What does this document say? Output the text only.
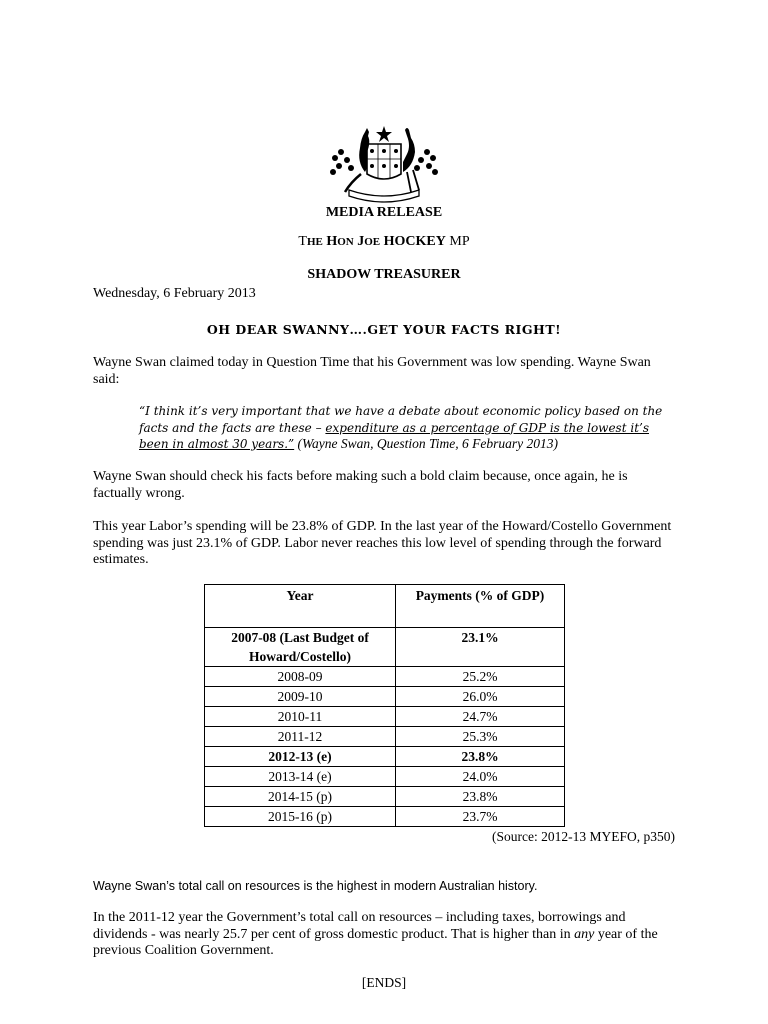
MEDIA RELEASE
THE HON JOE HOCKEY MP
SHADOW TREASURER
Wednesday, 6 February 2013
OH DEAR SWANNY….GET YOUR FACTS RIGHT!
Wayne Swan claimed today in Question Time that his Government was low spending. Wayne Swan said:
“I think it’s very important that we have a debate about economic policy based on the facts and the facts are these – expenditure as a percentage of GDP is the lowest it’s been in almost 30 years.” (Wayne Swan, Question Time, 6 February 2013)
Wayne Swan should check his facts before making such a bold claim because, once again, he is factually wrong.
This year Labor’s spending will be 23.8% of GDP. In the last year of the Howard/Costello Government spending was just 23.1% of GDP. Labor never reaches this low level of spending through the forward estimates.
Year	Payments (% of GDP)
2007-08 (Last Budget of Howard/Costello)	23.1%
2008-09	25.2%
2009-10	26.0%
2010-11	24.7%
2011-12	25.3%
2012-13 (e)	23.8%
2013-14 (e)	24.0%
2014-15 (p)	23.8%
2015-16 (p)	23.7%
(Source: 2012-13 MYEFO, p350)
Wayne Swan’s total call on resources is the highest in modern Australian history.
In the 2011-12 year the Government’s total call on resources – including taxes, borrowings and dividends - was nearly 25.7 per cent of gross domestic product. That is higher than in any year of the previous Coalition Government.
[ENDS]
